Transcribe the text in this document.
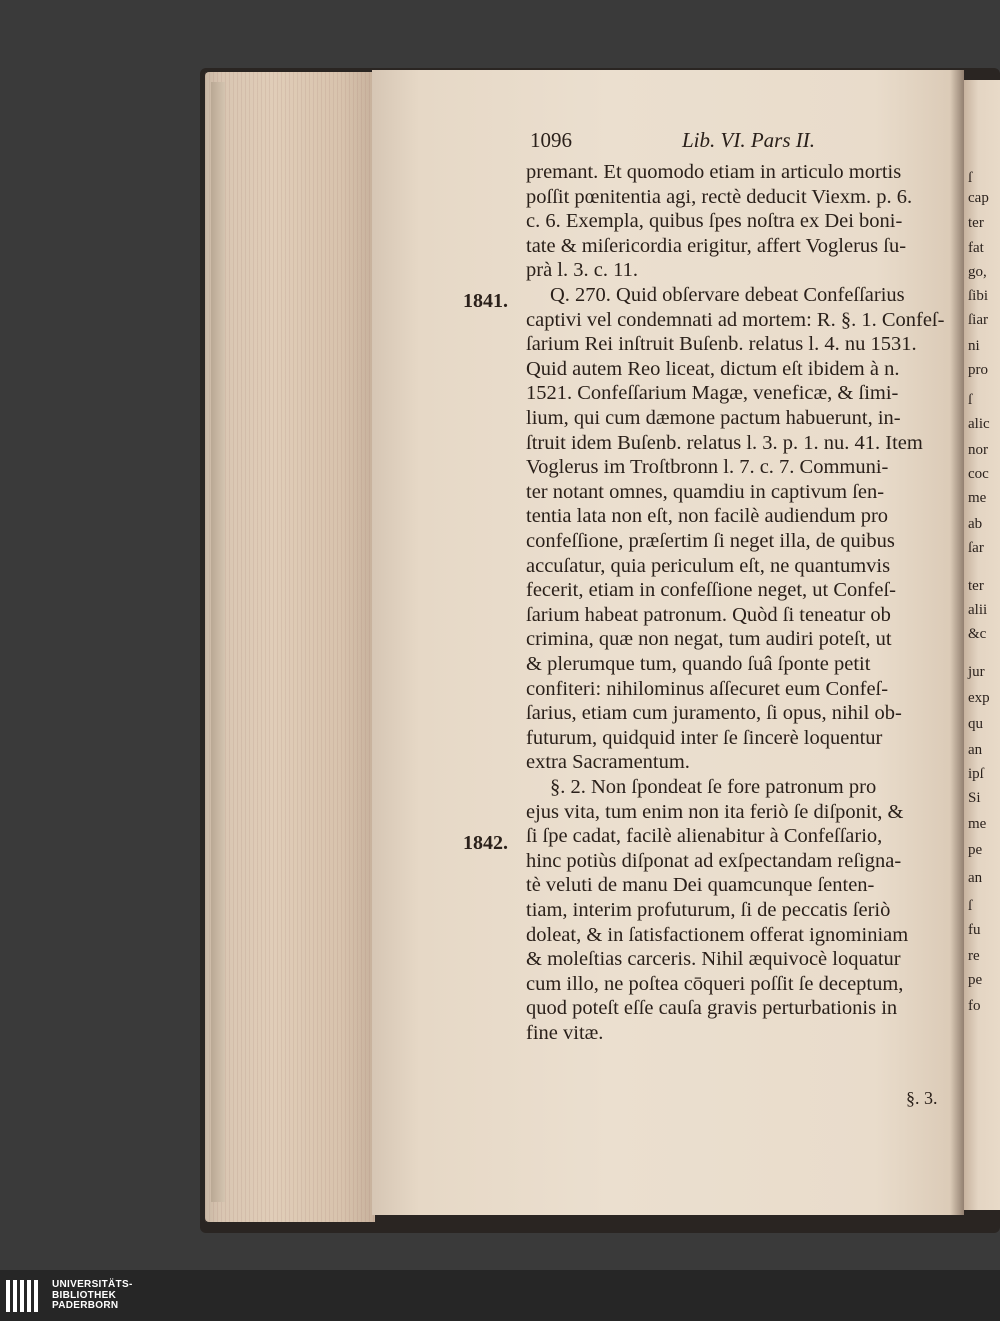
ſ
cap
ter
fat
go,
ſibi
ſiar
ni
pro
ſ
alic
nor
coc
me
ab
ſar
ter
alii
&c
jur
exp
qu
an
ipſ
Si
me
pe
an
ſ
fu
re
pe
fo
1096	Lib. VI. Pars II.
1841.
1842.
premant. Et quomodo etiam in articulo mortis
poſſit pœnitentia agi, rectè deducit Viexm. p. 6.
c. 6. Exempla, quibus ſpes noſtra ex Dei boni-
tate & miſericordia erigitur, affert Voglerus ſu-
prà l. 3. c. 11.
Q. 270. Quid obſervare debeat Confeſſarius
captivi vel condemnati ad mortem: R. §. 1. Confeſ-
ſarium Rei inſtruit Buſenb. relatus l. 4. nu 1531.
Quid autem Reo liceat, dictum eſt ibidem à n.
1521. Confeſſarium Magæ, veneficæ, & ſimi-
lium, qui cum dæmone pactum habuerunt, in-
ſtruit idem Buſenb. relatus l. 3. p. 1. nu. 41. Item
Voglerus im Troſtbronn l. 7. c. 7. Communi-
ter notant omnes, quamdiu in captivum ſen-
tentia lata non eſt, non facilè audiendum pro
confeſſione, præſertim ſi neget illa, de quibus
accuſatur, quia periculum eſt, ne quantumvis
fecerit, etiam in confeſſione neget, ut Confeſ-
ſarium habeat patronum. Quòd ſi teneatur ob
crimina, quæ non negat, tum audiri poteſt, ut
& plerumque tum, quando ſuâ ſponte petit
confiteri: nihilominus aſſecuret eum Confeſ-
ſarius, etiam cum juramento, ſi opus, nihil ob-
futurum, quidquid inter ſe ſincerè loquentur
extra Sacramentum.
§. 2. Non ſpondeat ſe fore patronum pro
ejus vita, tum enim non ita feriò ſe diſponit, &
ſi ſpe cadat, facilè alienabitur à Confeſſario,
hinc potiùs diſponat ad exſpectandam reſigna-
tè veluti de manu Dei quamcunque ſenten-
tiam, interim profuturum, ſi de peccatis ſeriò
doleat, & in ſatisfactionem offerat ignominiam
& moleſtias carceris. Nihil æquivocè loquatur
cum illo, ne poſtea cōqueri poſſit ſe deceptum,
quod poteſt eſſe cauſa gravis perturbationis in
fine vitæ.
§. 3.
UNIVERSITÄTS-
BIBLIOTHEK
PADERBORN
